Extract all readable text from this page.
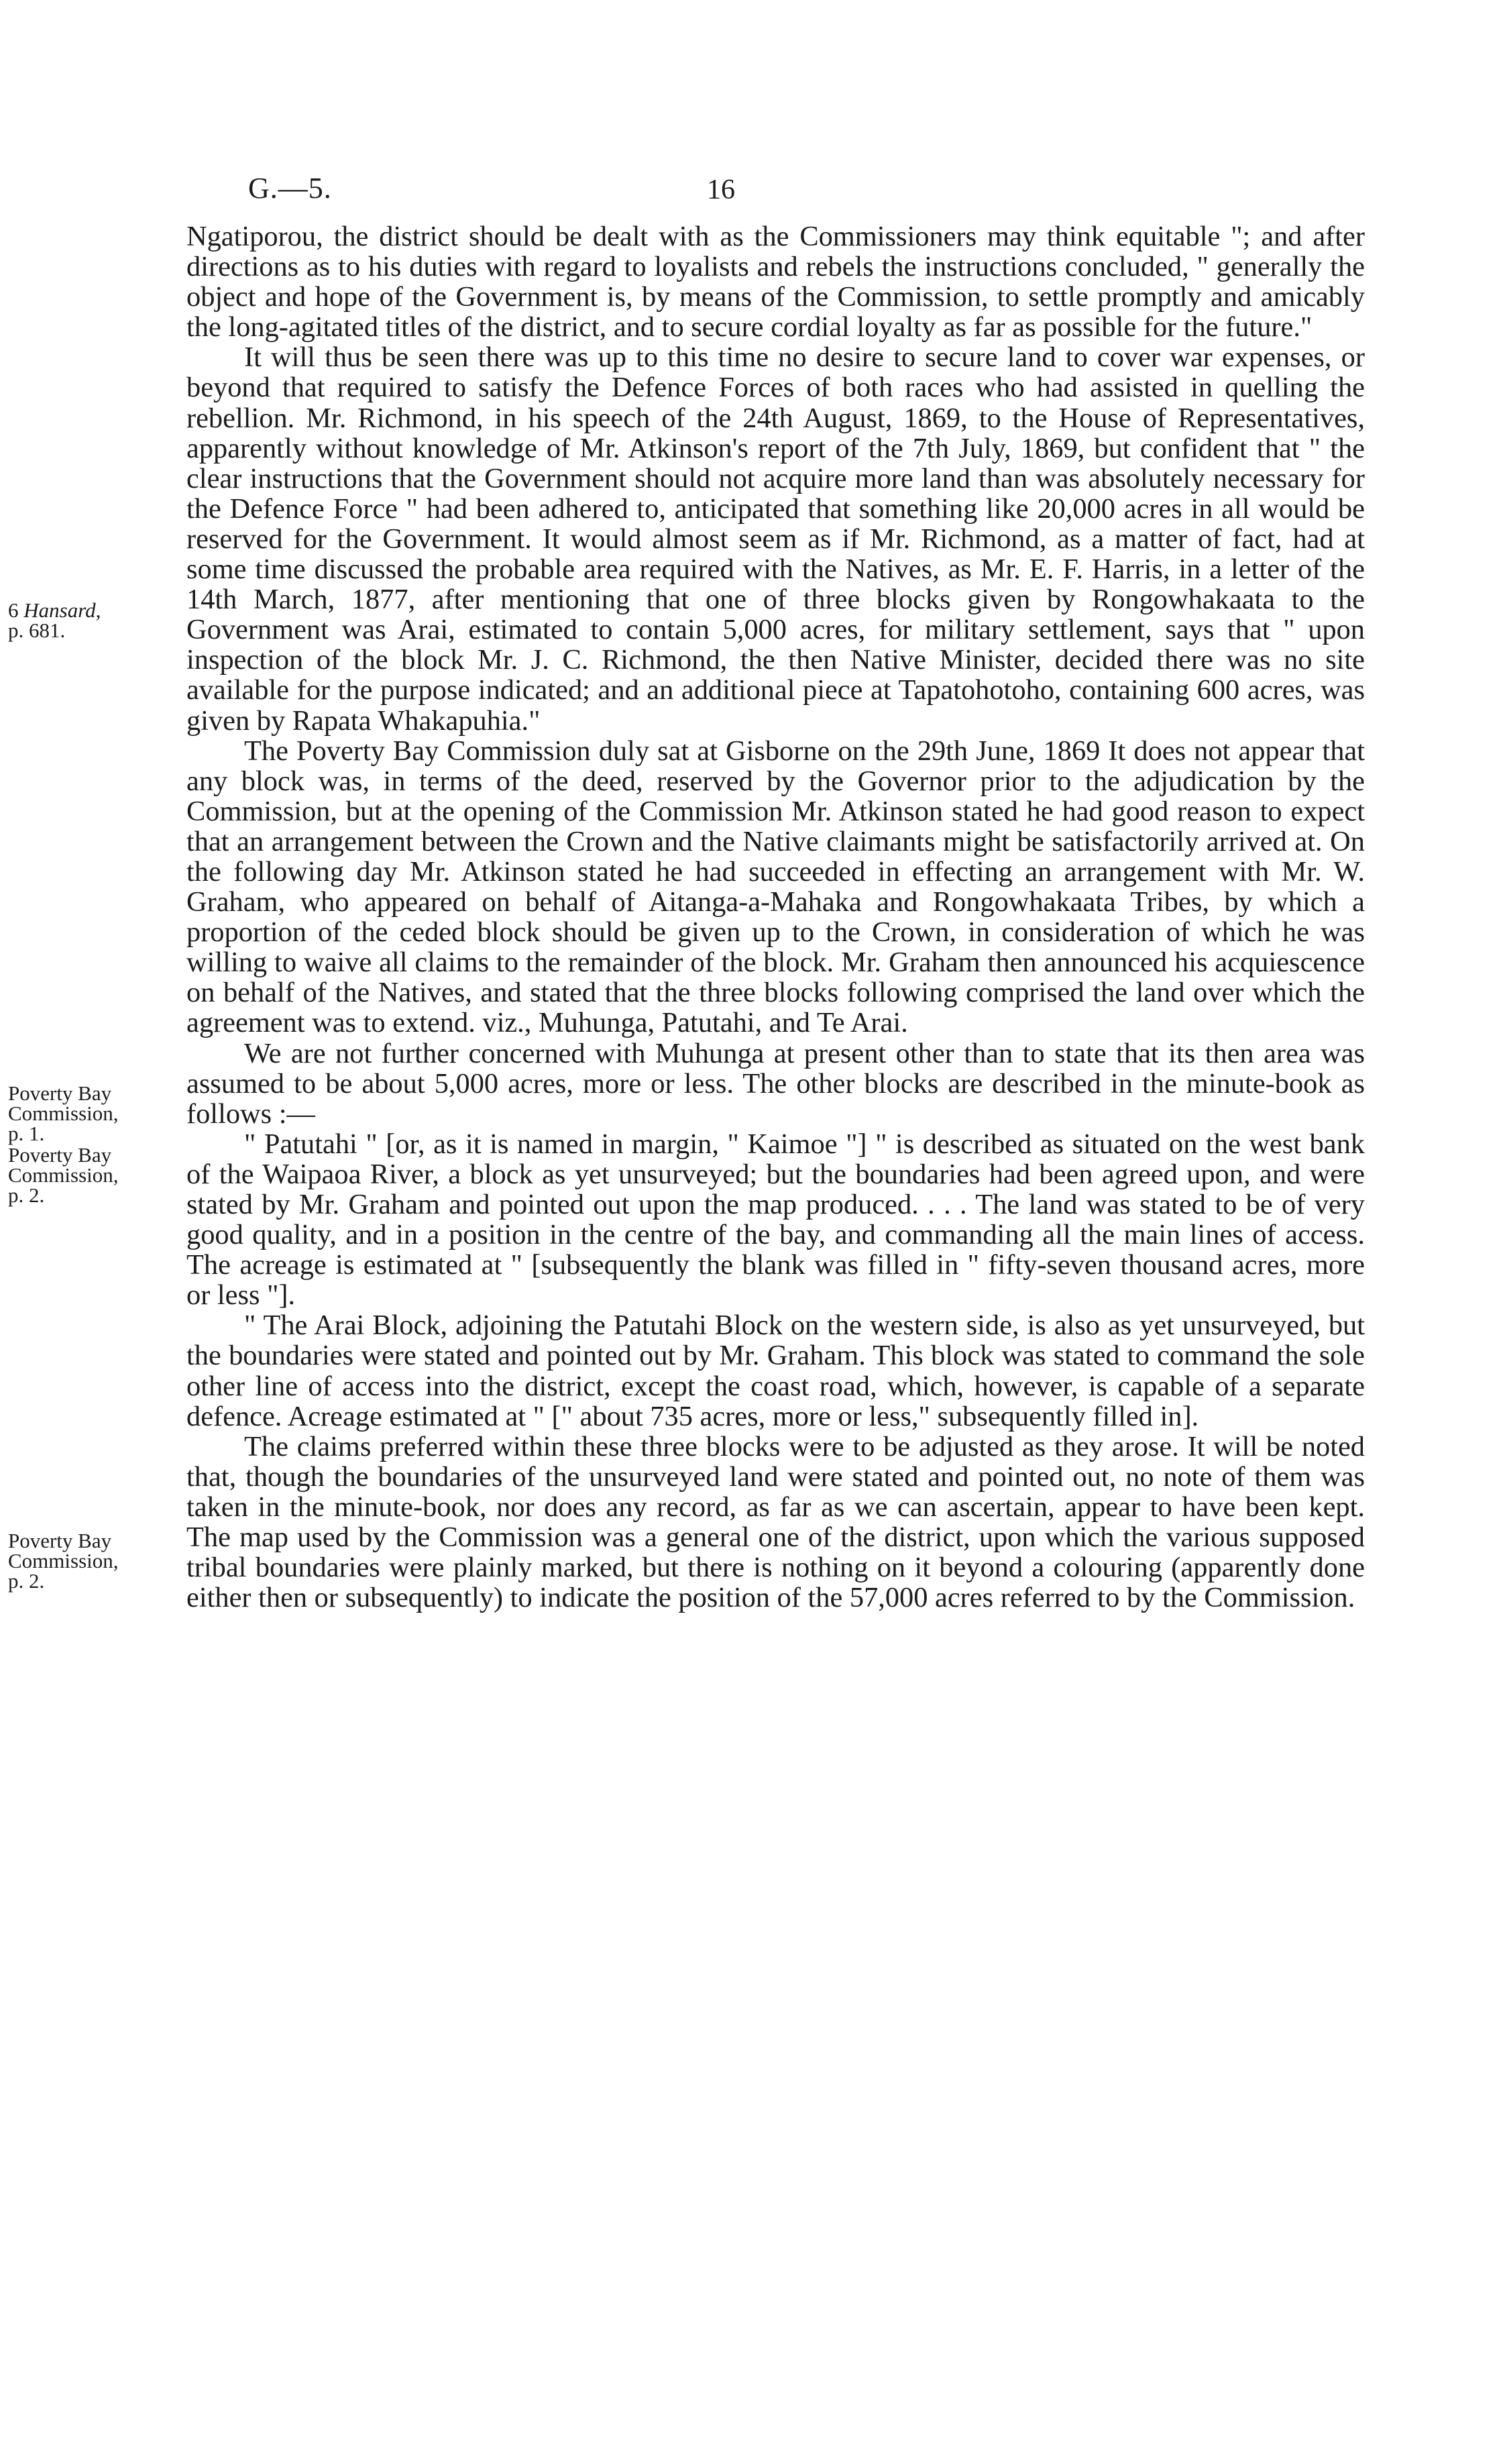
G.—5.	16
6 Hansard,
p. 681.
Poverty Bay
Commission,
p. 1.
Poverty Bay
Commission,
p. 2.
Poverty Bay
Commission,
p. 2.

Ngatiporou, the district should be dealt with as the Commissioners may think equitable "; and after directions as to his duties with regard to loyalists and rebels the instructions concluded, " generally the object and hope of the Government is, by means of the Commission, to settle promptly and amicably the long-agitated titles of the district, and to secure cordial loyalty as far as possible for the future."

It will thus be seen there was up to this time no desire to secure land to cover war expenses, or beyond that required to satisfy the Defence Forces of both races who had assisted in quelling the rebellion. Mr. Richmond, in his speech of the 24th August, 1869, to the House of Representatives, apparently without knowledge of Mr. Atkinson's report of the 7th July, 1869, but confident that " the clear instructions that the Government should not acquire more land than was absolutely necessary for the Defence Force " had been adhered to, anticipated that something like 20,000 acres in all would be reserved for the Government. It would almost seem as if Mr. Richmond, as a matter of fact, had at some time discussed the probable area required with the Natives, as Mr. E. F. Harris, in a letter of the 14th March, 1877, after mentioning that one of three blocks given by Rongowhakaata to the Government was Arai, estimated to contain 5,000 acres, for military settlement, says that " upon inspection of the block Mr. J. C. Richmond, the then Native Minister, decided there was no site available for the purpose indicated; and an additional piece at Tapatohotoho, containing 600 acres, was given by Rapata Whakapuhia."

The Poverty Bay Commission duly sat at Gisborne on the 29th June, 1869 It does not appear that any block was, in terms of the deed, reserved by the Governor prior to the adjudication by the Commission, but at the opening of the Commission Mr. Atkinson stated he had good reason to expect that an arrangement between the Crown and the Native claimants might be satisfactorily arrived at. On the following day Mr. Atkinson stated he had succeeded in effecting an arrangement with Mr. W. Graham, who appeared on behalf of Aitanga-a-Mahaka and Rongowhakaata Tribes, by which a proportion of the ceded block should be given up to the Crown, in consideration of which he was willing to waive all claims to the remainder of the block. Mr. Graham then announced his acquiescence on behalf of the Natives, and stated that the three blocks following comprised the land over which the agreement was to extend. viz., Muhunga, Patutahi, and Te Arai.

We are not further concerned with Muhunga at present other than to state that its then area was assumed to be about 5,000 acres, more or less. The other blocks are described in the minute-book as follows :—

" Patutahi " [or, as it is named in margin, " Kaimoe "] " is described as situated on the west bank of the Waipaoa River, a block as yet unsurveyed; but the boundaries had been agreed upon, and were stated by Mr. Graham and pointed out upon the map produced. . . . The land was stated to be of very good quality, and in a position in the centre of the bay, and commanding all the main lines of access. The acreage is estimated at " [subsequently the blank was filled in " fifty-seven thousand acres, more or less "].

" The Arai Block, adjoining the Patutahi Block on the western side, is also as yet unsurveyed, but the boundaries were stated and pointed out by Mr. Graham. This block was stated to command the sole other line of access into the district, except the coast road, which, however, is capable of a separate defence. Acreage estimated at " [" about 735 acres, more or less," subsequently filled in].

The claims preferred within these three blocks were to be adjusted as they arose. It will be noted that, though the boundaries of the unsurveyed land were stated and pointed out, no note of them was taken in the minute-book, nor does any record, as far as we can ascertain, appear to have been kept. The map used by the Commission was a general one of the district, upon which the various supposed tribal boundaries were plainly marked, but there is nothing on it beyond a colouring (apparently done either then or subsequently) to indicate the position of the 57,000 acres referred to by the Commission.
